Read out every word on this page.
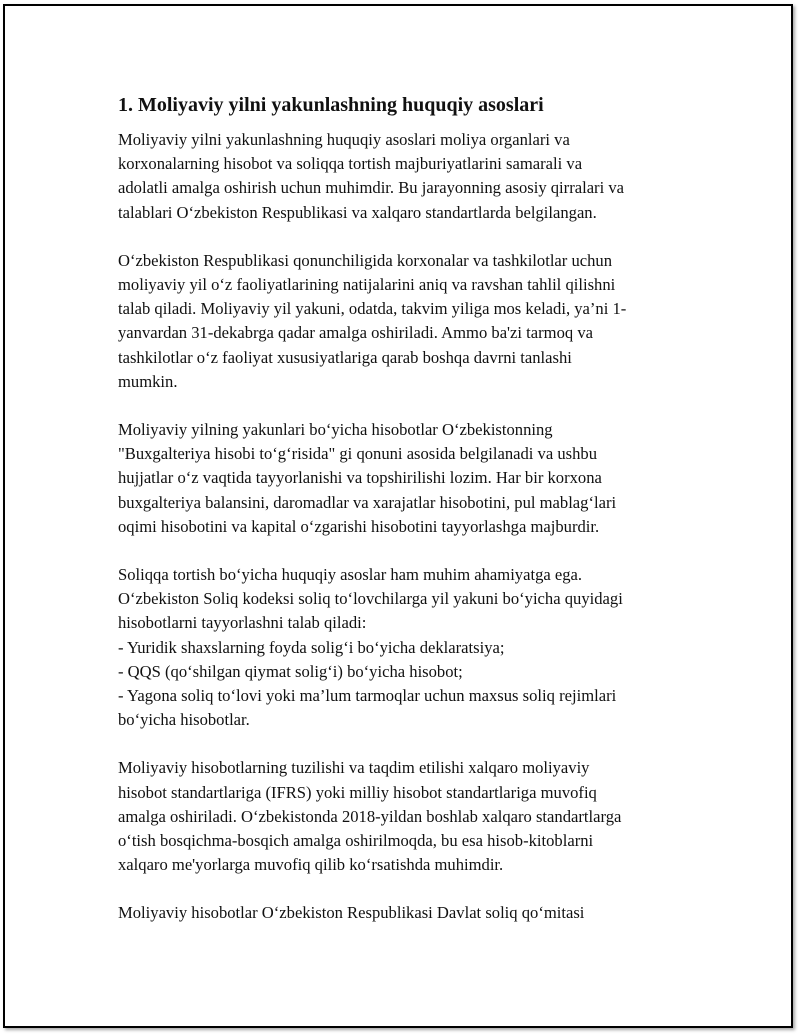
1. Moliyaviy yilni yakunlashning huquqiy asoslari

Moliyaviy yilni yakunlashning huquqiy asoslari moliya organlari va
korxonalarning hisobot va soliqqa tortish majburiyatlarini samarali va
adolatli amalga oshirish uchun muhimdir. Bu jarayonning asosiy qirralari va
talablari O‘zbekiston Respublikasi va xalqaro standartlarda belgilangan.

O‘zbekiston Respublikasi qonunchiligida korxonalar va tashkilotlar uchun
moliyaviy yil o‘z faoliyatlarining natijalarini aniq va ravshan tahlil qilishni
talab qiladi. Moliyaviy yil yakuni, odatda, takvim yiliga mos keladi, ya’ni 1-
yanvardan 31-dekabrga qadar amalga oshiriladi. Ammo ba'zi tarmoq va
tashkilotlar o‘z faoliyat xususiyatlariga qarab boshqa davrni tanlashi
mumkin.

Moliyaviy yilning yakunlari bo‘yicha hisobotlar O‘zbekistonning
"Buxgalteriya hisobi to‘g‘risida" gi qonuni asosida belgilanadi va ushbu
hujjatlar o‘z vaqtida tayyorlanishi va topshirilishi lozim. Har bir korxona
buxgalteriya balansini, daromadlar va xarajatlar hisobotini, pul mablag‘lari
oqimi hisobotini va kapital o‘zgarishi hisobotini tayyorlashga majburdir.

Soliqqa tortish bo‘yicha huquqiy asoslar ham muhim ahamiyatga ega.
O‘zbekiston Soliq kodeksi soliq to‘lovchilarga yil yakuni bo‘yicha quyidagi
hisobotlarni tayyorlashni talab qiladi:
- Yuridik shaxslarning foyda solig‘i bo‘yicha deklaratsiya;
- QQS (qo‘shilgan qiymat solig‘i) bo‘yicha hisobot;
- Yagona soliq to‘lovi yoki ma’lum tarmoqlar uchun maxsus soliq rejimlari
bo‘yicha hisobotlar.

Moliyaviy hisobotlarning tuzilishi va taqdim etilishi xalqaro moliyaviy
hisobot standartlariga (IFRS) yoki milliy hisobot standartlariga muvofiq
amalga oshiriladi. O‘zbekistonda 2018-yildan boshlab xalqaro standartlarga
o‘tish bosqichma-bosqich amalga oshirilmoqda, bu esa hisob-kitoblarni
xalqaro me'yorlarga muvofiq qilib ko‘rsatishda muhimdir.

Moliyaviy hisobotlar O‘zbekiston Respublikasi Davlat soliq qo‘mitasi
